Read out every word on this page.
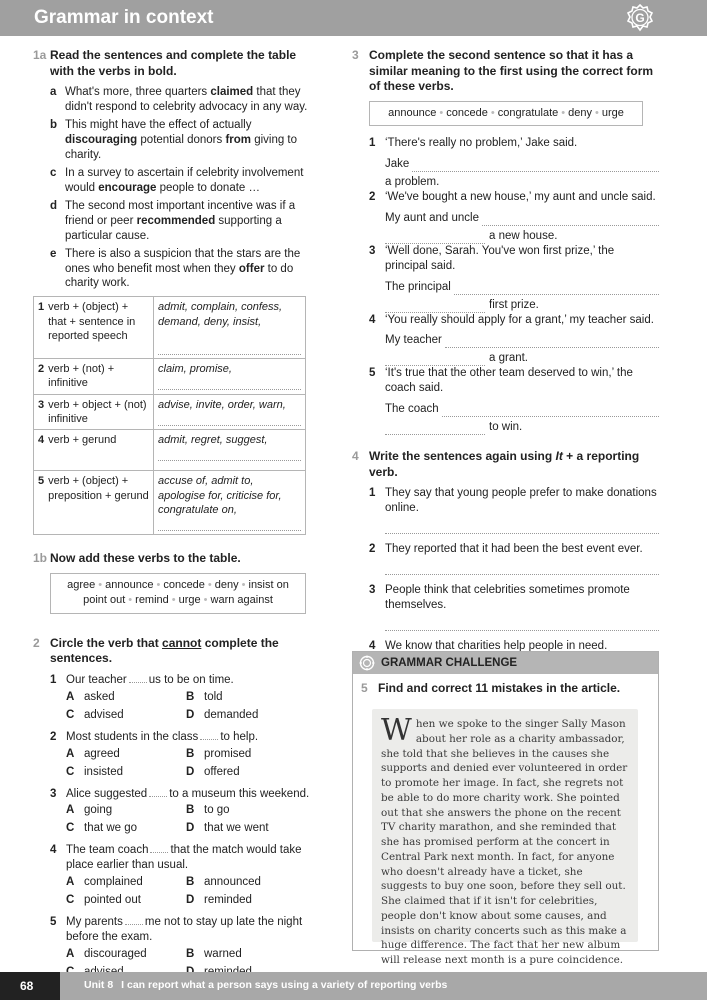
Grammar in context	G
1a Read the sentences and complete the table with the verbs in bold.
a What's more, three quarters claimed that they didn't respond to celebrity advocacy in any way.
b This might have the effect of actually discouraging potential donors from giving to charity.
c In a survey to ascertain if celebrity involvement would encourage people to donate …
d The second most important incentive was if a friend or peer recommended supporting a particular cause.
e There is also a suspicion that the stars are the ones who benefit most when they offer to do charity work.
1 verb + (object) + that + sentence in reported speech	admit, complain, confess, demand, deny, insist,

2 verb + (not) + infinitive	claim, promise,

3 verb + object + (not) infinitive	advise, invite, order, warn,

4 verb + gerund	admit, regret, suggest,

5 verb + (object) + preposition + gerund	accuse of, admit to, apologise for, criticise for, congratulate on,
1b Now add these verbs to the table.
agree • announce • concede • deny • insist on
point out • remind • urge • warn against
2 Circle the verb that cannot complete the sentences.
1 Our teacher us to be on time.
A asked	B told
C advised	D demanded
2 Most students in the class to help.
A agreed	B promised
C insisted	D offered
3 Alice suggested to a museum this weekend.
A going	B to go
C that we go	D that we went
4 The team coach that the match would take
place earlier than usual.
A complained	B announced
C pointed out	D reminded
5 My parents me not to stay up late the night
before the exam.
A discouraged	B warned
3 Complete the second sentence so that it has a similar meaning to the first using the correct form of these verbs.
announce • concede • congratulate • deny • urge
1 ‘There's really no problem,’ Jake said.
Jake
a problem.
2 ‘We've bought a new house,’ my aunt and uncle said.
My aunt and uncle
a new house.
3 ‘Well done, Sarah. You've won first prize,’ the principal said.
The principal
first prize.
4 ‘You really should apply for a grant,’ my teacher said.
My teacher
a grant.
5 ‘It's true that the other team deserved to win,’ the coach said.
The coach
to win.
4 Write the sentences again using It + a reporting verb.
1 They say that young people prefer to make donations online.
2 They reported that it had been the best event ever.
3 People think that celebrities sometimes promote themselves.
4 We know that charities help people in need.
GRAMMAR CHALLENGE
5 Find and correct 11 mistakes in the article.
When we spoke to the singer Sally Mason about her role as a charity ambassador, she told that she believes in the causes she supports and denied ever volunteered in order to promote her image. In fact, she regrets not be able to do more charity work. She pointed out that she answers the phone on the recent TV charity marathon, and she reminded that she has promised perform at the concert in Central Park next month. In fact, for anyone who doesn't already have a ticket, she suggests to buy one soon, before they sell out. She claimed that if it isn't for celebrities, people don't know about some causes, and insists on charity concerts such as this make a huge difference. The fact that her new album will release next month is a pure coincidence.
68	Unit 8 I can report what a person says using a variety of reporting verbs
